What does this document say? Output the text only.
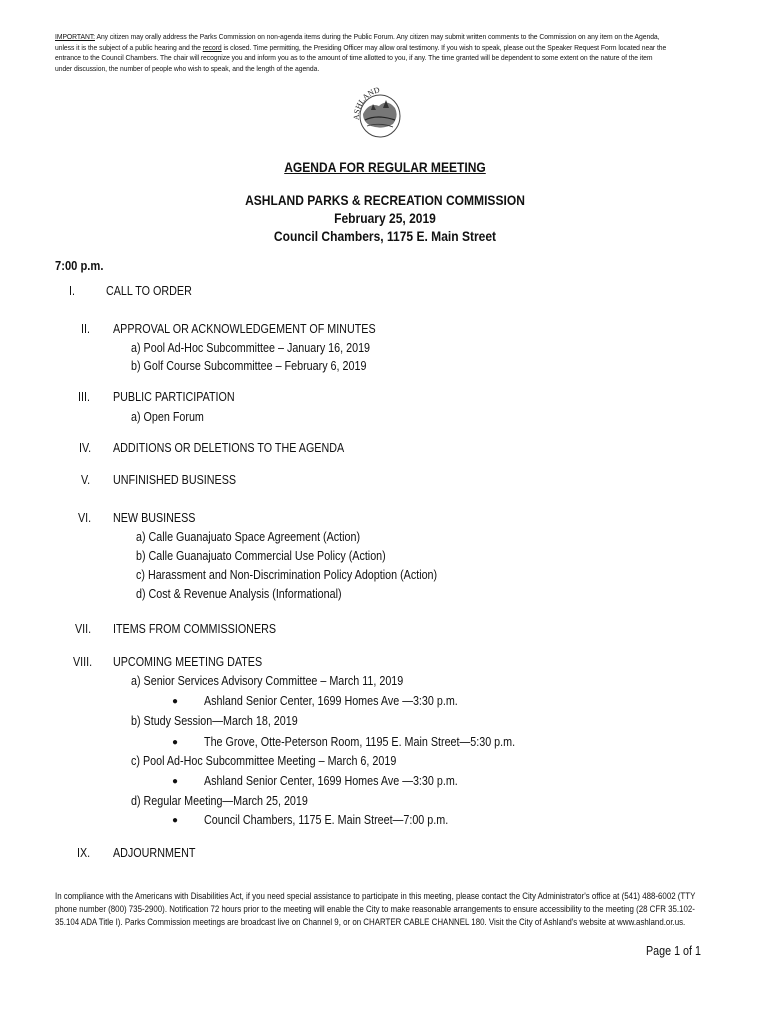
IMPORTANT: Any citizen may orally address the Parks Commission on non-agenda items during the Public Forum. Any citizen may submit written comments to the Commission on any item on the Agenda, unless it is the subject of a public hearing and the record is closed. Time permitting, the Presiding Officer may allow oral testimony. If you wish to speak, please out the Speaker Request Form located near the entrance to the Council Chambers. The chair will recognize you and inform you as to the amount of time allotted to you, if any. The time granted will be dependent to some extent on the nature of the item under discussion, the number of people who wish to speak, and the length of the agenda.
ASHLAND
AGENDA FOR REGULAR MEETING
ASHLAND PARKS & RECREATION COMMISSION
February 25, 2019
Council Chambers, 1175 E. Main Street
7:00 p.m.
I. CALL TO ORDER
II. APPROVAL OR ACKNOWLEDGEMENT OF MINUTES
a) Pool Ad-Hoc Subcommittee – January 16, 2019
b) Golf Course Subcommittee – February 6, 2019
III. PUBLIC PARTICIPATION
a) Open Forum
IV. ADDITIONS OR DELETIONS TO THE AGENDA
V. UNFINISHED BUSINESS
VI. NEW BUSINESS
a) Calle Guanajuato Space Agreement (Action)
b) Calle Guanajuato Commercial Use Policy (Action)
c) Harassment and Non-Discrimination Policy Adoption (Action)
d) Cost & Revenue Analysis (Informational)
VII. ITEMS FROM COMMISSIONERS
VIII. UPCOMING MEETING DATES
a) Senior Services Advisory Committee – March 11, 2019
● Ashland Senior Center, 1699 Homes Ave —3:30 p.m.
b) Study Session—March 18, 2019
● The Grove, Otte-Peterson Room, 1195 E. Main Street—5:30 p.m.
c) Pool Ad-Hoc Subcommittee Meeting – March 6, 2019
● Ashland Senior Center, 1699 Homes Ave —3:30 p.m.
d) Regular Meeting—March 25, 2019
● Council Chambers, 1175 E. Main Street—7:00 p.m.
IX. ADJOURNMENT
In compliance with the Americans with Disabilities Act, if you need special assistance to participate in this meeting, please contact the City Administrator's office at (541) 488-6002 (TTY phone number (800) 735-2900). Notification 72 hours prior to the meeting will enable the City to make reasonable arrangements to ensure accessibility to the meeting (28 CFR 35.102-35.104 ADA Title I). Parks Commission meetings are broadcast live on Channel 9, or on CHARTER CABLE CHANNEL 180. Visit the City of Ashland's website at www.ashland.or.us.
Page 1 of 1
